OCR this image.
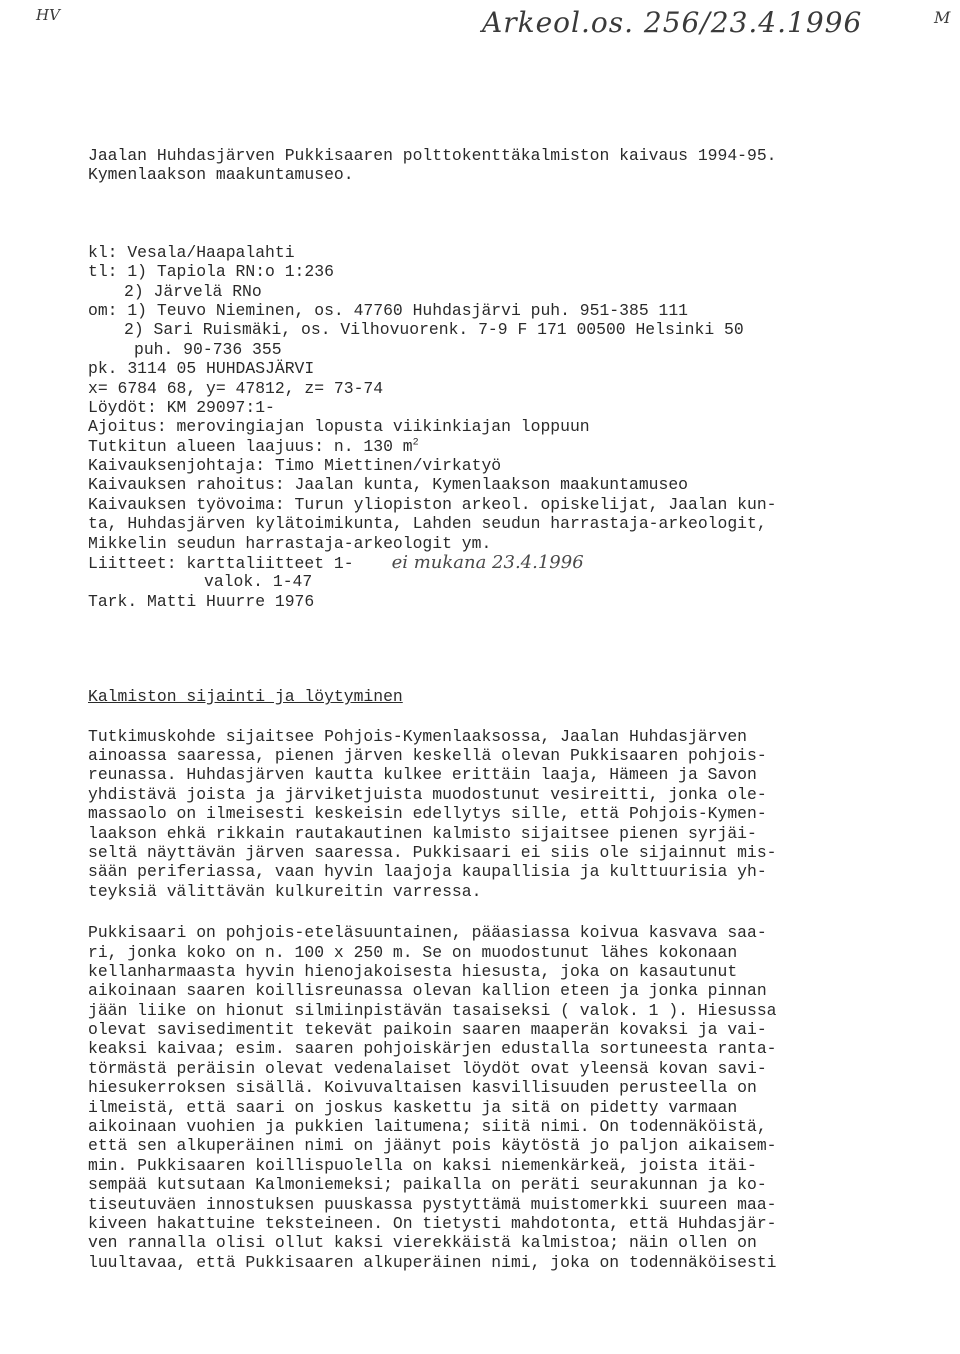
HV	Arkeol.os. 256/23.4.1996	M
Jaalan Huhdasjärven Pukkisaaren polttokenttäkalmiston kaivaus 1994-95.
Kymenlaakson maakuntamuseo.
kl: Vesala/Haapalahti
tl: 1) Tapiola RN:o 1:236
2) Järvelä RNo
om: 1) Teuvo Nieminen, os. 47760 Huhdasjärvi puh. 951-385 111
2) Sari Ruismäki, os. Vilhovuorenk. 7-9 F 171 00500 Helsinki 50
puh. 90-736 355
pk. 3114 05 HUHDASJÄRVI
x= 6784 68, y= 47812, z= 73-74
Löydöt: KM 29097:1-
Ajoitus: merovingiajan lopusta viikinkiajan loppuun
Tutkitun alueen laajuus: n. 130 $m^2$
Kaivauksenjohtaja: Timo Miettinen/virkatyö
Kaivauksen rahoitus: Jaalan kunta, Kymenlaakson maakuntamuseo
Kaivauksen työvoima: Turun yliopiston arkeol. opiskelijat, Jaalan kun-
ta, Huhdasjärven kylätoimikunta, Lahden seudun harrastaja-arkeologit,
Mikkelin seudun harrastaja-arkeologit ym.
Liitteet: karttaliitteet 1- ei mukana 23.4.1996
valok. 1-47
Tark. Matti Huurre 1976
Kalmiston sijainti ja löytyminen
Tutkimuskohde sijaitsee Pohjois-Kymenlaaksossa, Jaalan Huhdasjärven
ainoassa saaressa, pienen järven keskellä olevan Pukkisaaren pohjois-
reunassa. Huhdasjärven kautta kulkee erittäin laaja, Hämeen ja Savon
yhdistävä joista ja järviketjuista muodostunut vesireitti, jonka ole-
massaolo on ilmeisesti keskeisin edellytys sille, että Pohjois-Kymen-
laakson ehkä rikkain rautakautinen kalmisto sijaitsee pienen syrjäi-
seltä näyttävän järven saaressa. Pukkisaari ei siis ole sijainnut mis-
sään periferiassa, vaan hyvin laajoja kaupallisia ja kulttuurisia yh-
teyksiä välittävän kulkureitin varressa.
Pukkisaari on pohjois-eteläsuuntainen, pääasiassa koivua kasvava saa-
ri, jonka koko on n. 100 x 250 m. Se on muodostunut lähes kokonaan
kellanharmaasta hyvin hienojakoisesta hiesusta, joka on kasautunut
aikoinaan saaren koillisreunassa olevan kallion eteen ja jonka pinnan
jään liike on hionut silmiinpistävän tasaiseksi ( valok. 1 ). Hiesussa
olevat savisedimentit tekevät paikoin saaren maaperän kovaksi ja vai-
keaksi kaivaa; esim. saaren pohjoiskärjen edustalla sortuneesta ranta-
törmästä peräisin olevat vedenalaiset löydöt ovat yleensä kovan savi-
hiesukerroksen sisällä. Koivuvaltaisen kasvillisuuden perusteella on
ilmeistä, että saari on joskus kaskettu ja sitä on pidetty varmaan
aikoinaan vuohien ja pukkien laitumena; siitä nimi. On todennäköistä,
että sen alkuperäinen nimi on jäänyt pois käytöstä jo paljon aikaisem-
min. Pukkisaaren koillispuolella on kaksi niemenkärkeä, joista itäi-
sempää kutsutaan Kalmoniemeksi; paikalla on peräti seurakunnan ja ko-
tiseutuväen innostuksen puuskassa pystyttämä muistomerkki suureen maa-
kiveen hakattuine teksteineen. On tietysti mahdotonta, että Huhdasjär-
ven rannalla olisi ollut kaksi vierekkäistä kalmistoa; näin ollen on
luultavaa, että Pukkisaaren alkuperäinen nimi, joka on todennäköisesti
